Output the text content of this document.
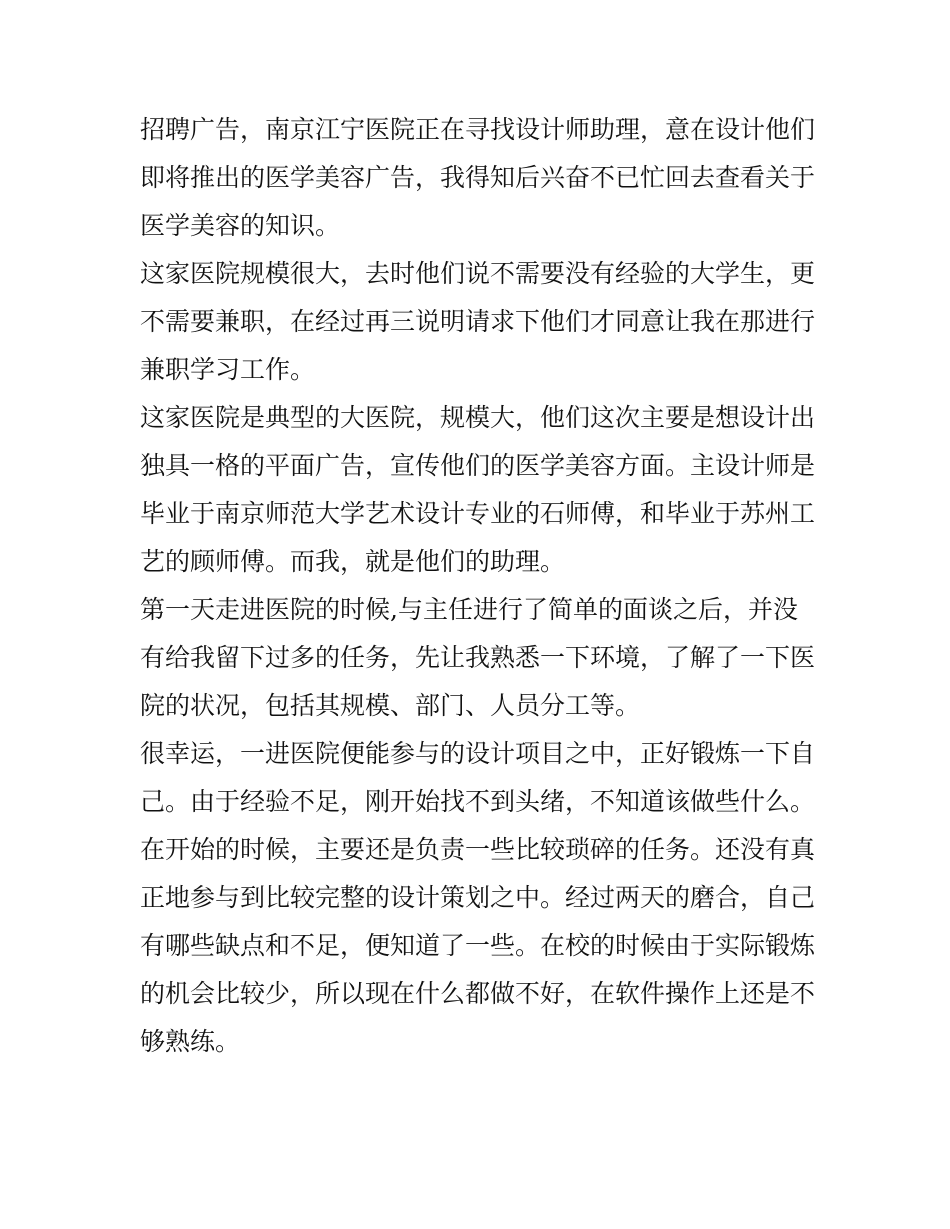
招聘广告，南京江宁医院正在寻找设计师助理，意在设计他们
即将推出的医学美容广告，我得知后兴奋不已忙回去查看关于
医学美容的知识。
这家医院规模很大，去时他们说不需要没有经验的大学生，更
不需要兼职，在经过再三说明请求下他们才同意让我在那进行
兼职学习工作。
这家医院是典型的大医院，规模大，他们这次主要是想设计出
独具一格的平面广告，宣传他们的医学美容方面。主设计师是
毕业于南京师范大学艺术设计专业的石师傅，和毕业于苏州工
艺的顾师傅。而我，就是他们的助理。
第一天走进医院的时候,与主任进行了简单的面谈之后，并没
有给我留下过多的任务，先让我熟悉一下环境，了解了一下医
院的状况，包括其规模、部门、人员分工等。
很幸运，一进医院便能参与的设计项目之中，正好锻炼一下自
己。由于经验不足，刚开始找不到头绪，不知道该做些什么。
在开始的时候，主要还是负责一些比较琐碎的任务。还没有真
正地参与到比较完整的设计策划之中。经过两天的磨合，自己
有哪些缺点和不足，便知道了一些。在校的时候由于实际锻炼
的机会比较少，所以现在什么都做不好，在软件操作上还是不
够熟练。
